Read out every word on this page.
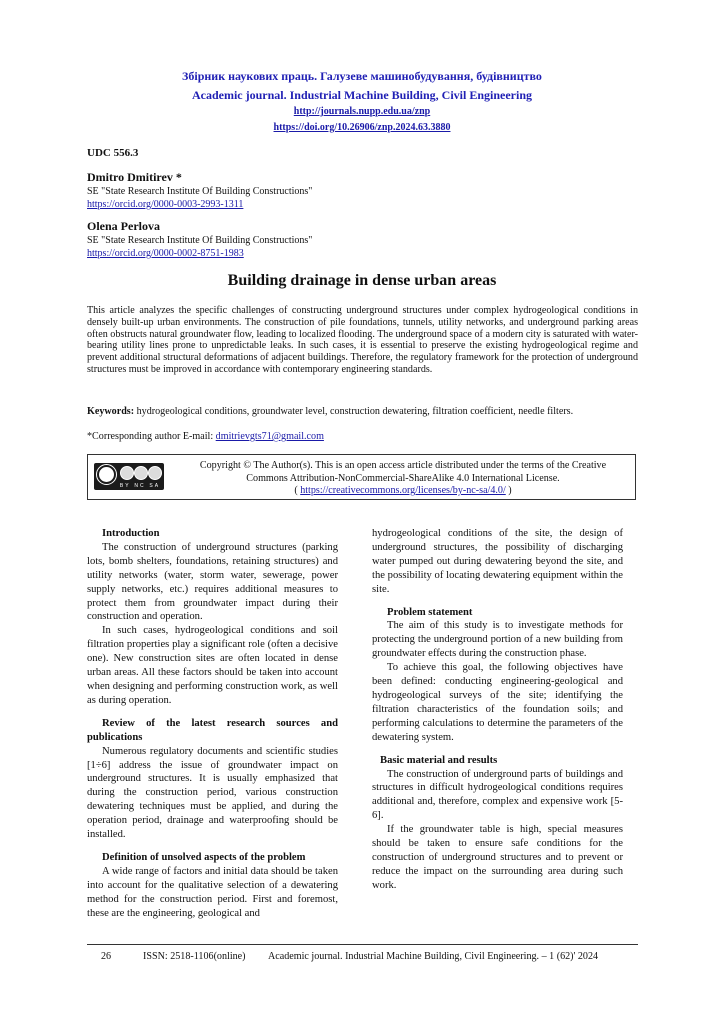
Збірник наукових праць. Галузеве машинобудування, будівництво
Academic journal. Industrial Machine Building, Civil Engineering
http://journals.nupp.edu.ua/znp
https://doi.org/10.26906/znp.2024.63.3880
UDC 556.3
Dmitro Dmitirev *
SE "State Research Institute Of Building Constructions"
https://orcid.org/0000-0003-2993-1311
Olena Perlova
SE "State Research Institute Of Building Constructions"
https://orcid.org/0000-0002-8751-1983
Building drainage in dense urban areas
This article analyzes the specific challenges of constructing underground structures under complex hydrogeological conditions in densely built-up urban environments. The construction of pile foundations, tunnels, utility networks, and underground parking areas often obstructs natural groundwater flow, leading to localized flooding. The underground space of a modern city is saturated with water-bearing utility lines prone to unpredictable leaks. In such cases, it is essential to preserve the existing hydrogeological regime and prevent additional structural deformations of adjacent buildings. Therefore, the regulatory framework for the protection of underground structures must be improved in accordance with contemporary engineering standards.
Keywords: hydrogeological conditions, groundwater level, construction dewatering, filtration coefficient, needle filters.
*Corresponding author E-mail: dmitrievgts71@gmail.com
BY NC SA
Copyright © The Author(s). This is an open access article distributed under the terms of the Creative
Commons Attribution-NonCommercial-ShareAlike 4.0 International License.
( https://creativecommons.org/licenses/by-nc-sa/4.0/ )
Introduction

The construction of underground structures (parking lots, bomb shelters, foundations, retaining structures) and utility networks (water, storm water, sewerage, power supply networks, etc.) requires additional measures to protect them from groundwater impact during their construction and operation.

In such cases, hydrogeological conditions and soil filtration properties play a significant role (often a decisive one). New construction sites are often located in dense urban areas. All these factors should be taken into account when designing and performing construction work, as well as during operation.

Review of the latest research sources and publications

Numerous regulatory documents and scientific studies [1÷6] address the issue of groundwater impact on underground structures. It is usually emphasized that during the construction period, various construction dewatering techniques must be applied, and during the operation period, drainage and waterproofing should be installed.

Definition of unsolved aspects of the problem

A wide range of factors and initial data should be taken into account for the qualitative selection of a dewatering method for the construction period. First and foremost, these are the engineering, geological and

hydrogeological conditions of the site, the design of underground structures, the possibility of discharging water pumped out during dewatering beyond the site, and the possibility of locating dewatering equipment within the site.

Problem statement

The aim of this study is to investigate methods for protecting the underground portion of a new building from groundwater effects during the construction phase.

To achieve this goal, the following objectives have been defined: conducting engineering-geological and hydrogeological surveys of the site; identifying the filtration characteristics of the foundation soils; and performing calculations to determine the parameters of the dewatering system.

Basic material and results

The construction of underground parts of buildings and structures in difficult hydrogeological conditions requires additional and, therefore, complex and expensive work [5-6].

If the groundwater table is high, special measures should be taken to ensure safe conditions for the construction of underground structures and to prevent or reduce the impact on the surrounding area during such work.

26	ISSN: 2518-1106(online) Academic journal. Industrial Machine Building, Civil Engineering. – 1 (62)' 2024
